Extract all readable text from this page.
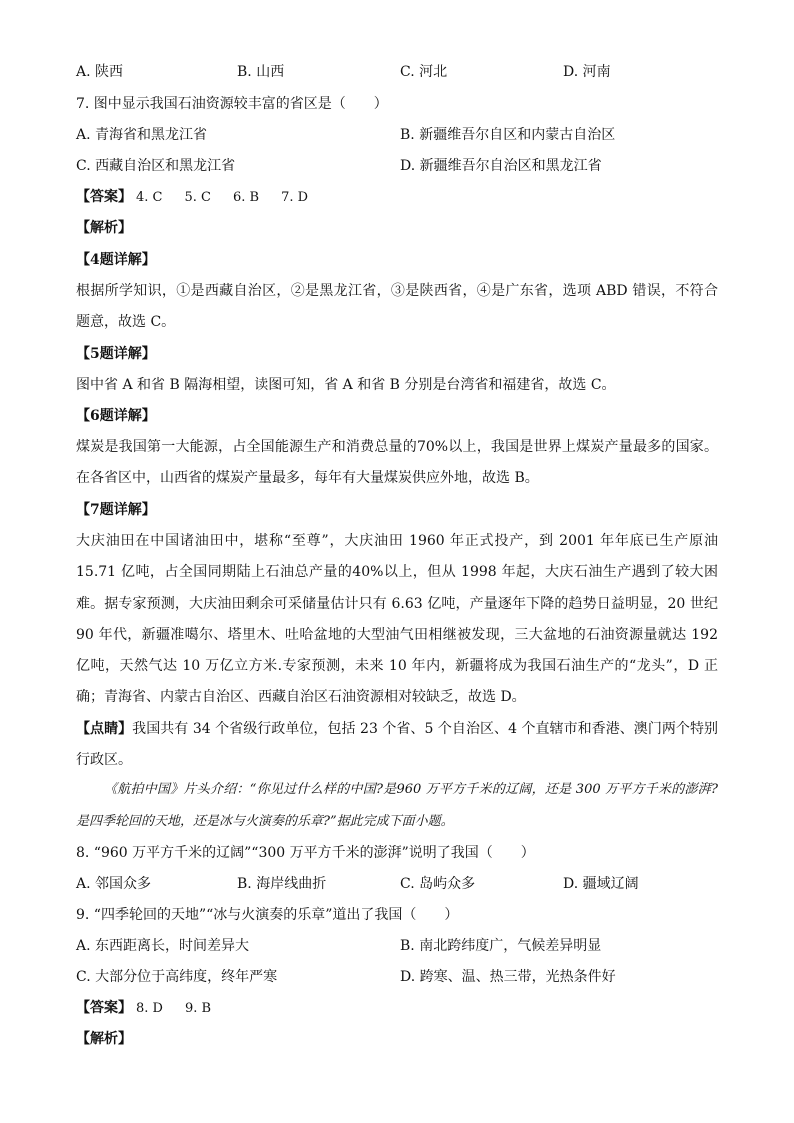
A. 陕西	B. 山西	C. 河北	D. 河南
7. 图中显示我国石油资源较丰富的省区是（　　）
A. 青海省和黑龙江省	B. 新疆维吾尔自区和内蒙古自治区
C. 西藏自治区和黑龙江省	D. 新疆维吾尔自治区和黑龙江省
【答案】 4. C 5. C 6. B 7. D
【解析】
【4题详解】
根据所学知识，①是西藏自治区，②是黑龙江省，③是陕西省，④是广东省，选项 ABD 错误，不符合题意，故选 C。
【5题详解】
图中省 A 和省 B 隔海相望，读图可知，省 A 和省 B 分别是台湾省和福建省，故选 C。
【6题详解】
煤炭是我国第一大能源，占全国能源生产和消费总量的70%以上，我国是世界上煤炭产量最多的国家。在各省区中，山西省的煤炭产量最多，每年有大量煤炭供应外地，故选 B。
【7题详解】
大庆油田在中国诸油田中，堪称“至尊”，大庆油田 1960 年正式投产，到 2001 年年底已生产原油 15.71 亿吨，占全国同期陆上石油总产量的40%以上，但从 1998 年起，大庆石油生产遇到了较大困难。据专家预测，大庆油田剩余可采储量估计只有 6.63 亿吨，产量逐年下降的趋势日益明显，20 世纪 90 年代，新疆准噶尔、塔里木、吐哈盆地的大型油气田相继被发现，三大盆地的石油资源量就达 192 亿吨，天然气达 10 万亿立方米.专家预测，未来 10 年内，新疆将成为我国石油生产的“龙头”，D 正确；青海省、内蒙古自治区、西藏自治区石油资源相对较缺乏，故选 D。
【点睛】我国共有 34 个省级行政单位，包括 23 个省、5 个自治区、4 个直辖市和香港、澳门两个特别行政区。
《航拍中国》片头介绍：“你见过什么样的中国?是960 万平方千米的辽阔，还是 300 万平方千米的澎湃?是四季轮回的天地，还是冰与火演奏的乐章?”据此完成下面小题。
8. “960 万平方千米的辽阔”“300 万平方千米的澎湃”说明了我国（　　）
A. 邻国众多	B. 海岸线曲折	C. 岛屿众多	D. 疆域辽阔
9. “四季轮回的天地”“冰与火演奏的乐章”道出了我国（　　）
A. 东西距离长，时间差异大	B. 南北跨纬度广，气候差异明显
C. 大部分位于高纬度，终年严寒	D. 跨寒、温、热三带，光热条件好
【答案】 8. D 9. B
【解析】
